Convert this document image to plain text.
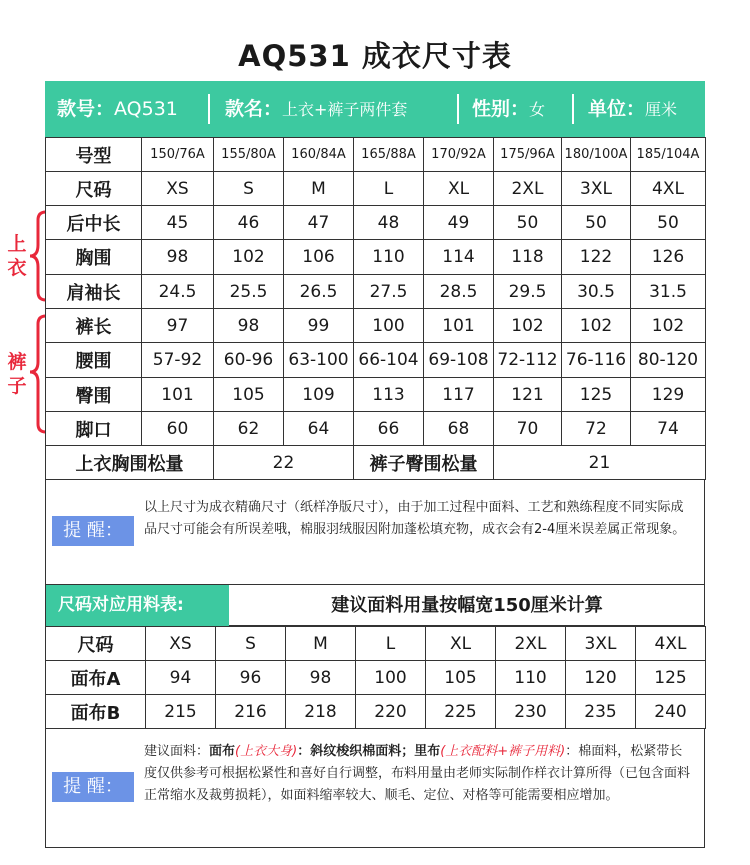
AQ531 成衣尺寸表
款号：AQ531 款名：上衣+裤子两件套	性别：女 单位：厘米
上衣
裤子
号型	150/76A	155/80A	160/84A	165/88A	170/92A	175/96A	180/100A	185/104A
尺码	XS	S	M	L	XL	2XL	3XL	4XL
后中长	45	46	47	48	49	50	50	50
胸围	98	102	106	110	114	118	122	126
肩袖长	24.5	25.5	26.5	27.5	28.5	29.5	30.5	31.5
裤长	97	98	99	100	101	102	102	102
腰围	57-92	60-96	63-100	66-104	69-108	72-112	76-116	80-120
臀围	101	105	109	113	117	121	125	129
脚口	60	62	64	66	68	70	72	74
上衣胸围松量		22		裤子臀围松量		21		
提 醒：
以上尺寸为成衣精确尺寸（纸样净版尺寸），由于加工过程中面料、工艺和熟练程度不同实际成品尺寸可能会有所误差哦，棉服羽绒服因附加蓬松填充物，成衣会有2-4厘米误差属正常现象。
尺码对应用料表:	建议面料用量按幅宽150厘米计算
尺码	XS	S	M	L	XL	2XL	3XL	4XL
面布A	94	96	98	100	105	110	120	125
面布B	215	216	218	220	225	230	235	240
提 醒：
建议面料：面布(上衣大身)：斜纹梭织棉面料；里布(上衣配料+裤子用料)：棉面料，松紧带长度仅供参考可根据松紧性和喜好自行调整，布料用量由老师实际制作样衣计算所得（已包含面料正常缩水及裁剪损耗），如面料缩率较大、顺毛、定位、对格等可能需要相应增加。
